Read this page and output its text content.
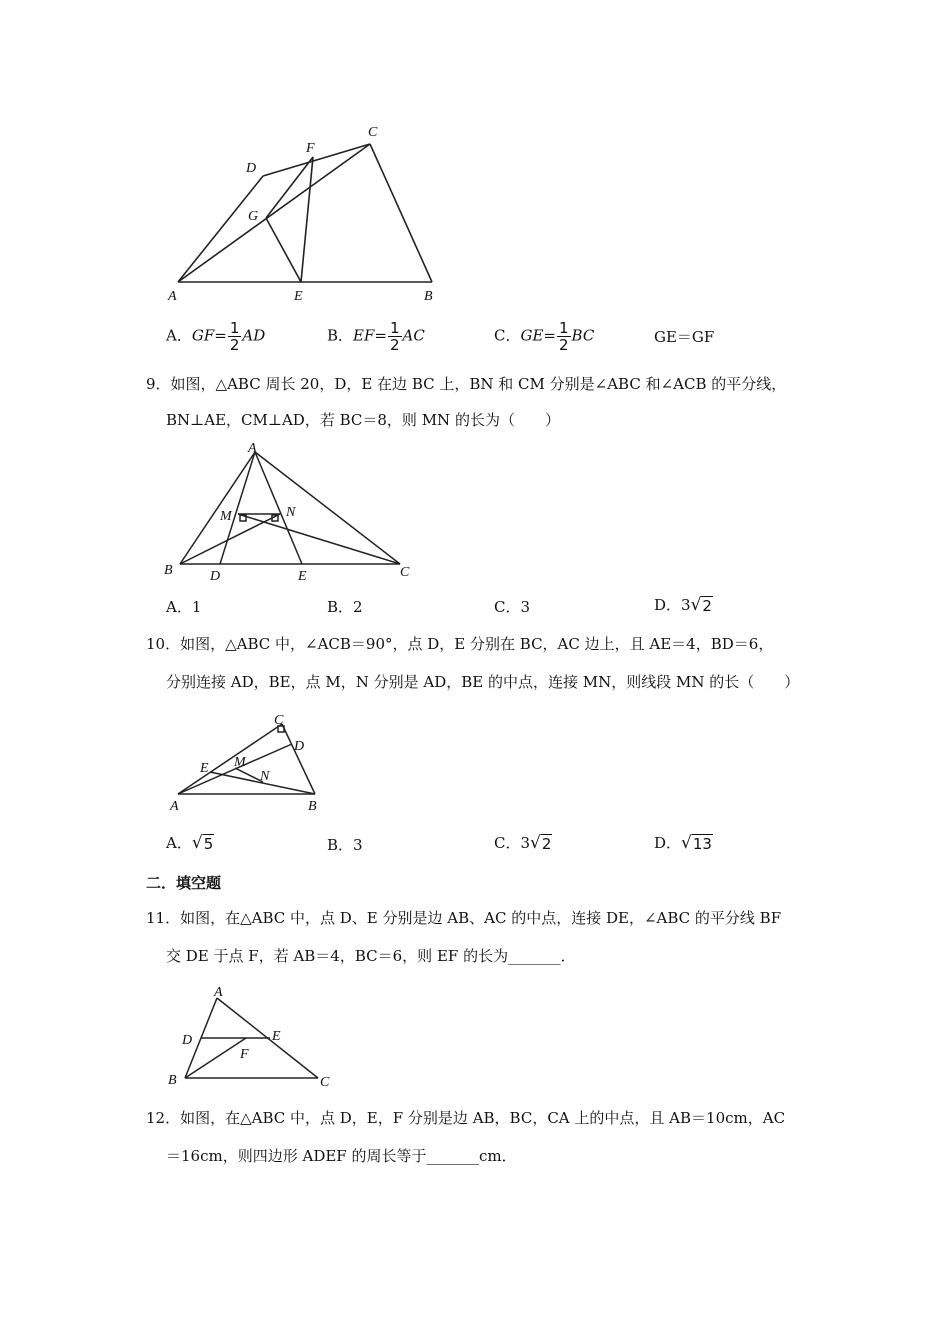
A	B
C
D
E
F
G
A．$GF= \frac{1}{2}$ AD	B．$EF= \frac{1}{2}$ AC	C．$GE= \frac{1}{2}$ BC	GE＝GF
9．如图，△ABC 周长 20，D，E 在边 BC 上，BN 和 CM 分别是∠ABC 和∠ACB 的平分线，
BN⊥AE，CM⊥AD，若 BC＝8，则 MN 的长为（　　）
A
B	C
D	E
M	N
A．1	B．2	C．3	D．3 √ 2
10．如图，△ABC 中，∠ACB＝90°，点 D，E 分别在 BC，AC 边上，且 AE＝4，BD＝6，
分别连接 AD，BE，点 M，N 分别是 AD，BE 的中点，连接 MN，则线段 MN 的长（　　）
A	B
C
D
E M
N
A． √ 5	B．3	C．3 √ 2	D． √ 13
二．填空题
11．如图，在△ABC 中，点 D、E 分别是边 AB、AC 的中点，连接 DE，∠ABC 的平分线 BF
交 DE 于点 F，若 AB＝4，BC＝6，则 EF 的长为_______．
A
B	C
D	E
F
12．如图，在△ABC 中，点 D，E，F 分别是边 AB，BC，CA 上的中点，且 AB＝10cm，AC
＝16cm，则四边形 ADEF 的周长等于_______cm．
